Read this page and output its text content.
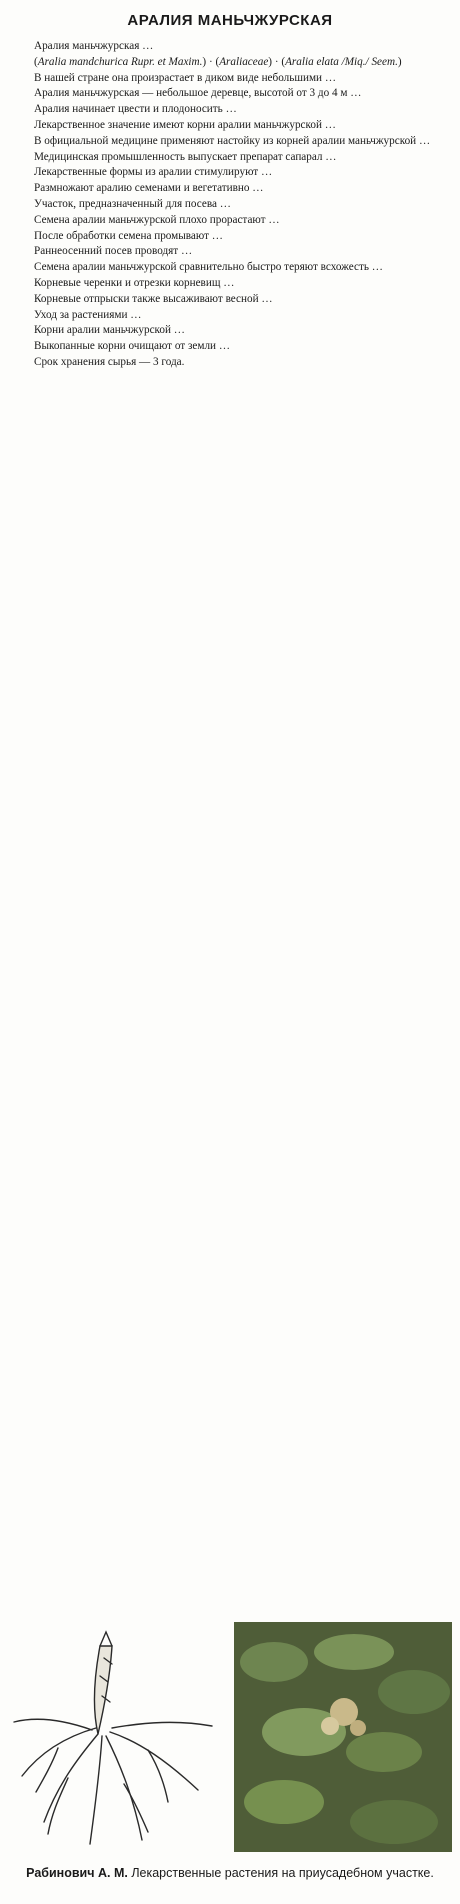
АРАЛИЯ МАНЬЧЖУРСКАЯ

Аралия маньчжурская …

(Aralia mandchurica Rupr. et Maxim.) · (Araliaceae) · (Aralia elata /Miq./ Seem.)

В нашей стране она произрастает в диком виде небольшими …

Аралия маньчжурская — небольшое деревце, высотой от 3 до 4 м …

Аралия начинает цвести и плодоносить …

Лекарственное значение имеют корни аралии маньчжурской …

В официальной медицине применяют настойку из корней аралии маньчжурской …

Медицинская промышленность выпускает препарат сапарал …

Лекарственные формы из аралии стимулируют …

Размножают аралию семенами и вегетативно …

Участок, предназначенный для посева …

Семена аралии маньчжурской плохо прорастают …

После обработки семена промывают …

Раннеосенний посев проводят …

Семена аралии маньчжурской сравнительно быстро теряют всхожесть …

Корневые черенки и отрезки корневищ …

Корневые отпрыски также высаживают весной …

Уход за растениями …

Корни аралии маньчжурской …

Выкопанные корни очищают от земли …

Срок хранения сырья — 3 года.

Рабинович А. М. Лекарственные растения на приусадебном участке.
